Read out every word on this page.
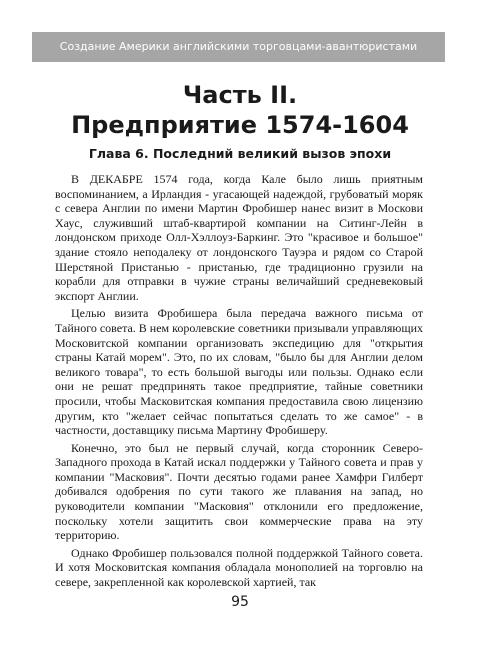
Создание Америки английскими торговцами-авантюристами
Часть II.
Предприятие 1574-1604
Глава 6. Последний великий вызов эпохи

В ДЕКАБРЕ 1574 года, когда Кале было лишь приятным воспоминанием, а Ирландия - угасающей надеждой, грубоватый моряк с севера Англии по имени Мартин Фробишер нанес визит в Москови Хаус, служивший штаб-квартирой компании на Ситинг-Лейн в лондонском приходе Олл-Хэллоуз-Баркинг. Это "красивое и большое" здание стояло неподалеку от лондонского Тауэра и рядом со Старой Шерстяной Пристанью - пристанью, где традиционно грузили на корабли для отправки в чужие страны величайший средневековый экспорт Англии.

Целью визита Фробишера была передача важного письма от Тайного совета. В нем королевские советники призывали управляющих Московитской компании организовать экспедицию для "открытия страны Катай морем". Это, по их словам, "было бы для Англии делом великого товара", то есть большой выгоды или пользы. Однако если они не решат предпринять такое предприятие, тайные советники просили, чтобы Масковитская компания предоставила свою лицензию другим, кто "желает сейчас попытаться сделать то же самое" - в частности, доставщику письма Мартину Фробишеру.

Конечно, это был не первый случай, когда сторонник Северо-Западного прохода в Катай искал поддержки у Тайного совета и прав у компании "Масковия". Почти десятью годами ранее Хамфри Гилберт добивался одобрения по сути такого же плавания на запад, но руководители компании "Масковия" отклонили его предложение, поскольку хотели защитить свои коммерческие права на эту территорию.

Однако Фробишер пользовался полной поддержкой Тайного совета. И хотя Московитская компания обладала монополией на торговлю на севере, закрепленной как королевской хартией, так

95
